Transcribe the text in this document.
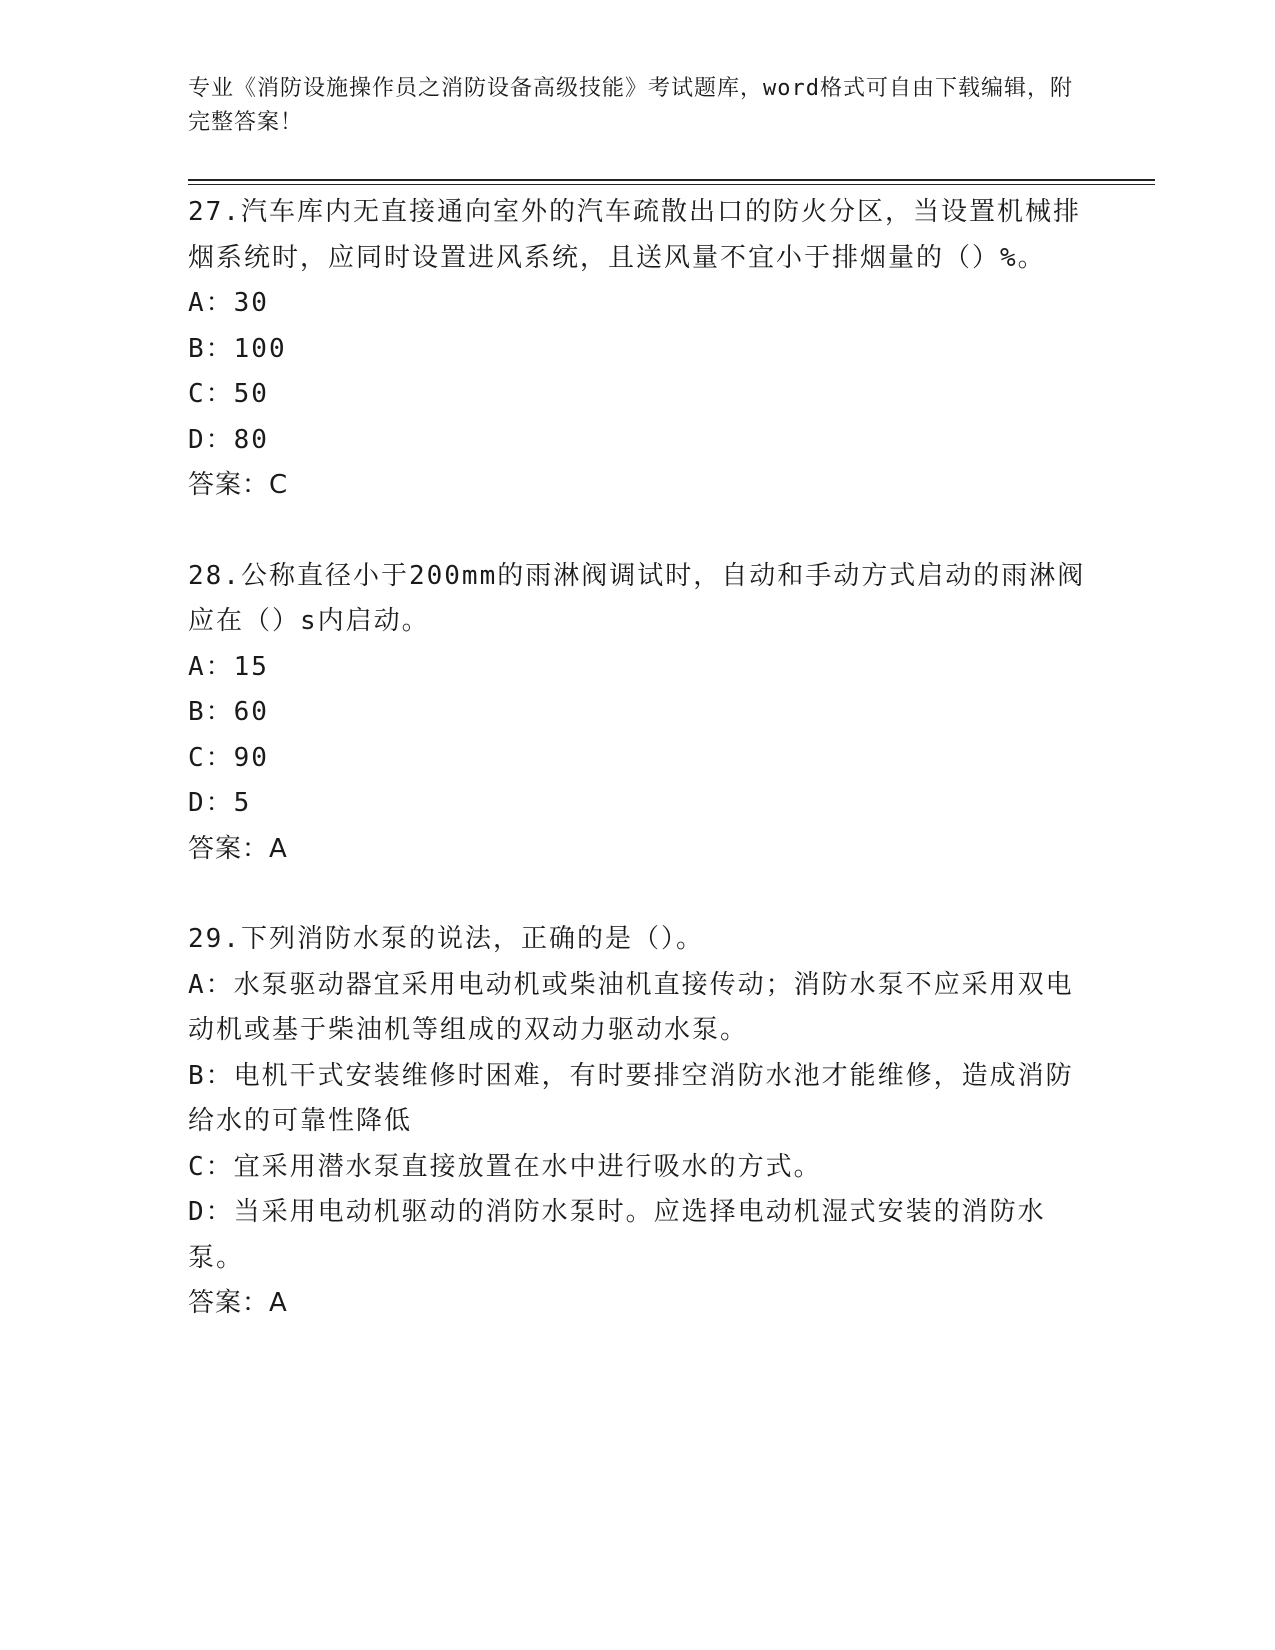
专业《消防设施操作员之消防设备高级技能》考试题库，word格式可自由下载编辑，附完整答案！

27.汽车库内无直接通向室外的汽车疏散出口的防火分区，当设置机械排烟系统时，应同时设置进风系统，且送风量不宜小于排烟量的（）%。

A：30

B：100

C：50

D：80

答案：C

28.公称直径小于200mm的雨淋阀调试时，自动和手动方式启动的雨淋阀应在（）s内启动。

A：15

B：60

C：90

D：5

答案：A

29.下列消防水泵的说法，正确的是（）。

A：水泵驱动器宜采用电动机或柴油机直接传动；消防水泵不应采用双电动机或基于柴油机等组成的双动力驱动水泵。

B：电机干式安装维修时困难，有时要排空消防水池才能维修，造成消防给水的可靠性降低

C：宜采用潜水泵直接放置在水中进行吸水的方式。

D：当采用电动机驱动的消防水泵时。应选择电动机湿式安装的消防水泵。

答案：A
